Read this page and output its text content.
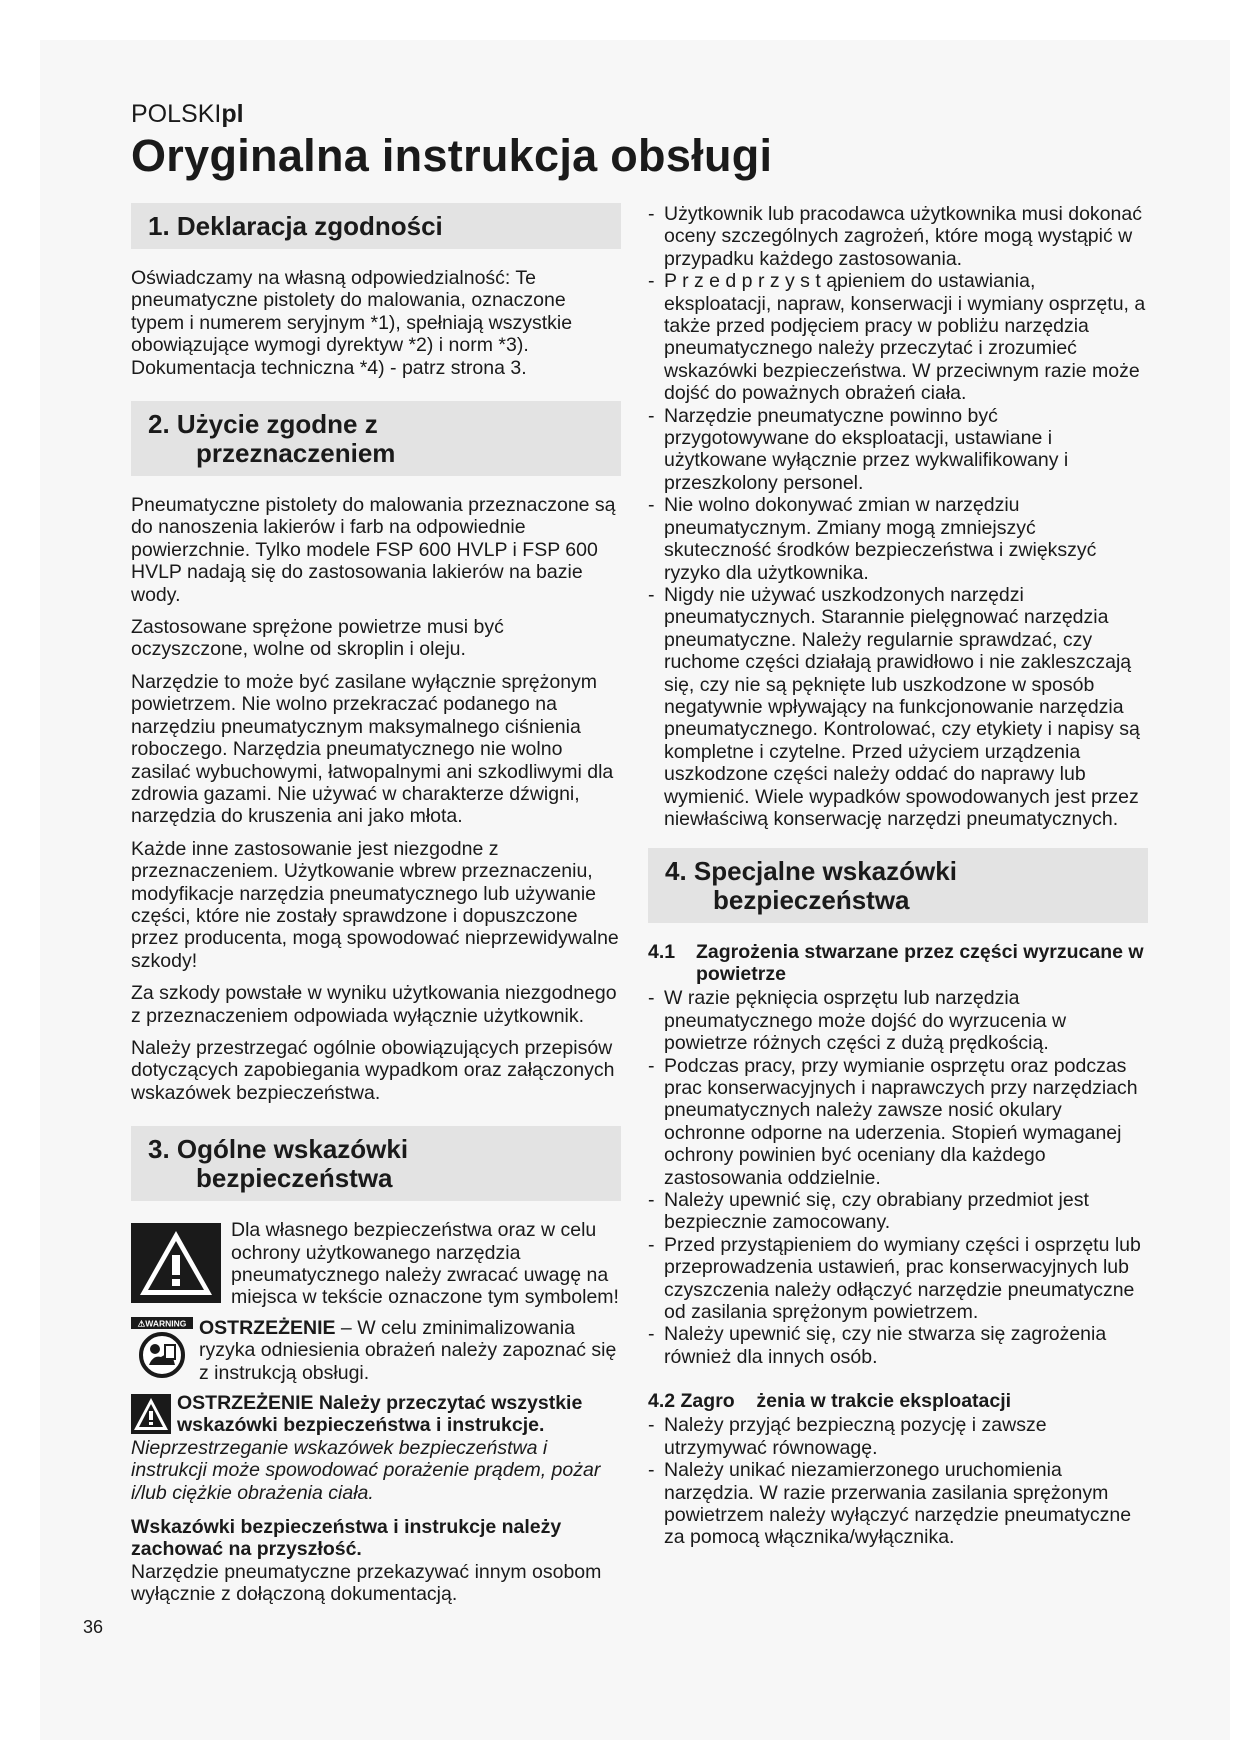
POLSKIpl
Oryginalna instrukcja obsługi
1. Deklaracja zgodności

Oświadczamy na własną odpowiedzialność: Te pneumatyczne pistolety do malowania, oznaczone typem i numerem seryjnym *1), spełniają wszystkie obowiązujące wymogi dyrektyw *2) i norm *3). Dokumentacja techniczna *4) - patrz strona 3.

2. Użycie zgodne z
przeznaczeniem

Pneumatyczne pistolety do malowania przeznaczone są do nanoszenia lakierów i farb na odpowiednie powierzchnie. Tylko modele FSP 600 HVLP i FSP 600 HVLP nadają się do zastosowania lakierów na bazie wody.

Zastosowane sprężone powietrze musi być oczyszczone, wolne od skroplin i oleju.

Narzędzie to może być zasilane wyłącznie sprężonym powietrzem. Nie wolno przekraczać podanego na narzędziu pneumatycznym maksymalnego ciśnienia roboczego. Narzędzia pneumatycznego nie wolno zasilać wybuchowymi, łatwopalnymi ani szkodliwymi dla zdrowia gazami. Nie używać w charakterze dźwigni, narzędzia do kruszenia ani jako młota.

Każde inne zastosowanie jest niezgodne z przeznaczeniem. Użytkowanie wbrew przeznaczeniu, modyfikacje narzędzia pneumatycznego lub używanie części, które nie zostały sprawdzone i dopuszczone przez producenta, mogą spowodować nieprzewidywalne szkody!

Za szkody powstałe w wyniku użytkowania niezgodnego z przeznaczeniem odpowiada wyłącznie użytkownik.

Należy przestrzegać ogólnie obowiązujących przepisów dotyczących zapobiegania wypadkom oraz załączonych wskazówek bezpieczeństwa.

3. Ogólne wskazówki
bezpieczeństwa

Dla własnego bezpieczeństwa oraz w celu ochrony użytkowanego narzędzia pneumatycznego należy zwracać uwagę na miejsca w tekście oznaczone tym symbolem!

⚠WARNING OSTRZEŻENIE – W celu zminimalizowania ryzyka odniesienia obrażeń należy zapoznać się z instrukcją obsługi.

OSTRZEŻENIE Należy przeczytać wszystkie wskazówki bezpieczeństwa i instrukcje. Nieprzestrzeganie wskazówek bezpieczeństwa i instrukcji może spowodować porażenie prądem, pożar i/lub ciężkie obrażenia ciała.

Wskazówki bezpieczeństwa i instrukcje należy zachować na przyszłość.
Narzędzie pneumatyczne przekazywać innym osobom wyłącznie z dołączoną dokumentacją.

- Użytkownik lub pracodawca użytkownika musi dokonać oceny szczególnych zagrożeń, które mogą wystąpić w przypadku każdego zastosowania.
- P r z e d p r z y s t ąpieniem do ustawiania, eksploatacji, napraw, konserwacji i wymiany osprzętu, a także przed podjęciem pracy w pobliżu narzędzia pneumatycznego należy przeczytać i zrozumieć wskazówki bezpieczeństwa. W przeciwnym razie może dojść do poważnych obrażeń ciała.
- Narzędzie pneumatyczne powinno być przygotowywane do eksploatacji, ustawiane i użytkowane wyłącznie przez wykwalifikowany i przeszkolony personel.
- Nie wolno dokonywać zmian w narzędziu pneumatycznym. Zmiany mogą zmniejszyć skuteczność środków bezpieczeństwa i zwiększyć ryzyko dla użytkownika.
- Nigdy nie używać uszkodzonych narzędzi pneumatycznych. Starannie pielęgnować narzędzia pneumatyczne. Należy regularnie sprawdzać, czy ruchome części działają prawidłowo i nie zakleszczają się, czy nie są pęknięte lub uszkodzone w sposób negatywnie wpływający na funkcjonowanie narzędzia pneumatycznego. Kontrolować, czy etykiety i napisy są kompletne i czytelne. Przed użyciem urządzenia uszkodzone części należy oddać do naprawy lub wymienić. Wiele wypadków spowodowanych jest przez niewłaściwą konserwację narzędzi pneumatycznych.
4. Specjalne wskazówki
bezpieczeństwa
4.1	Zagrożenia stwarzane przez części wyrzucane w powietrze
- W razie pęknięcia osprzętu lub narzędzia pneumatycznego może dojść do wyrzucenia w powietrze różnych części z dużą prędkością.
- Podczas pracy, przy wymianie osprzętu oraz podczas prac konserwacyjnych i naprawczych przy narzędziach pneumatycznych należy zawsze nosić okulary ochronne odporne na uderzenia. Stopień wymaganej ochrony powinien być oceniany dla każdego zastosowania oddzielnie.
- Należy upewnić się, czy obrabiany przedmiot jest bezpiecznie zamocowany.
- Przed przystąpieniem do wymiany części i osprzętu lub przeprowadzenia ustawień, prac konserwacyjnych lub czyszczenia należy odłączyć narzędzie pneumatyczne od zasilania sprężonym powietrzem.
- Należy upewnić się, czy nie stwarza się zagrożenia również dla innych osób.
4.2 Zagro    żenia w trakcie eksploatacji
- Należy przyjąć bezpieczną pozycję i zawsze utrzymywać równowagę.
- Należy unikać niezamierzonego uruchomienia narzędzia. W razie przerwania zasilania sprężonym powietrzem należy wyłączyć narzędzie pneumatyczne za pomocą włącznika/wyłącznika.
36
